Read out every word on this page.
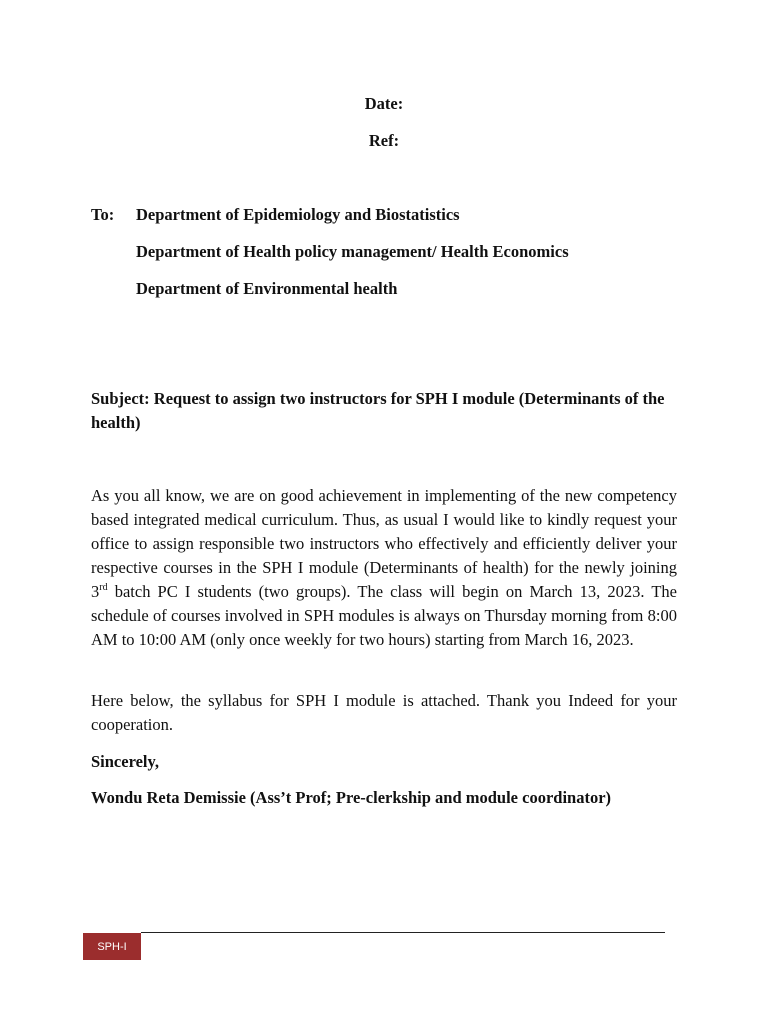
Date:
Ref:
To: Department of Epidemiology and Biostatistics
Department of Health policy management/ Health Economics
Department of Environmental health
Subject: Request to assign two instructors for SPH I module (Determinants of the health)
As you all know, we are on good achievement in implementing of the new competency based integrated medical curriculum. Thus, as usual I would like to kindly request your office to assign responsible two instructors who effectively and efficiently deliver your respective courses in the SPH I module (Determinants of health) for the newly joining 3rd batch PC I students (two groups). The class will begin on March 13, 2023. The schedule of courses involved in SPH modules is always on Thursday morning from 8:00 AM to 10:00 AM (only once weekly for two hours) starting from March 16, 2023.
Here below, the syllabus for SPH I module is attached. Thank you Indeed for your cooperation.
Sincerely,
Wondu Reta Demissie (Ass’t Prof; Pre-clerkship and module coordinator)
SPH-I
